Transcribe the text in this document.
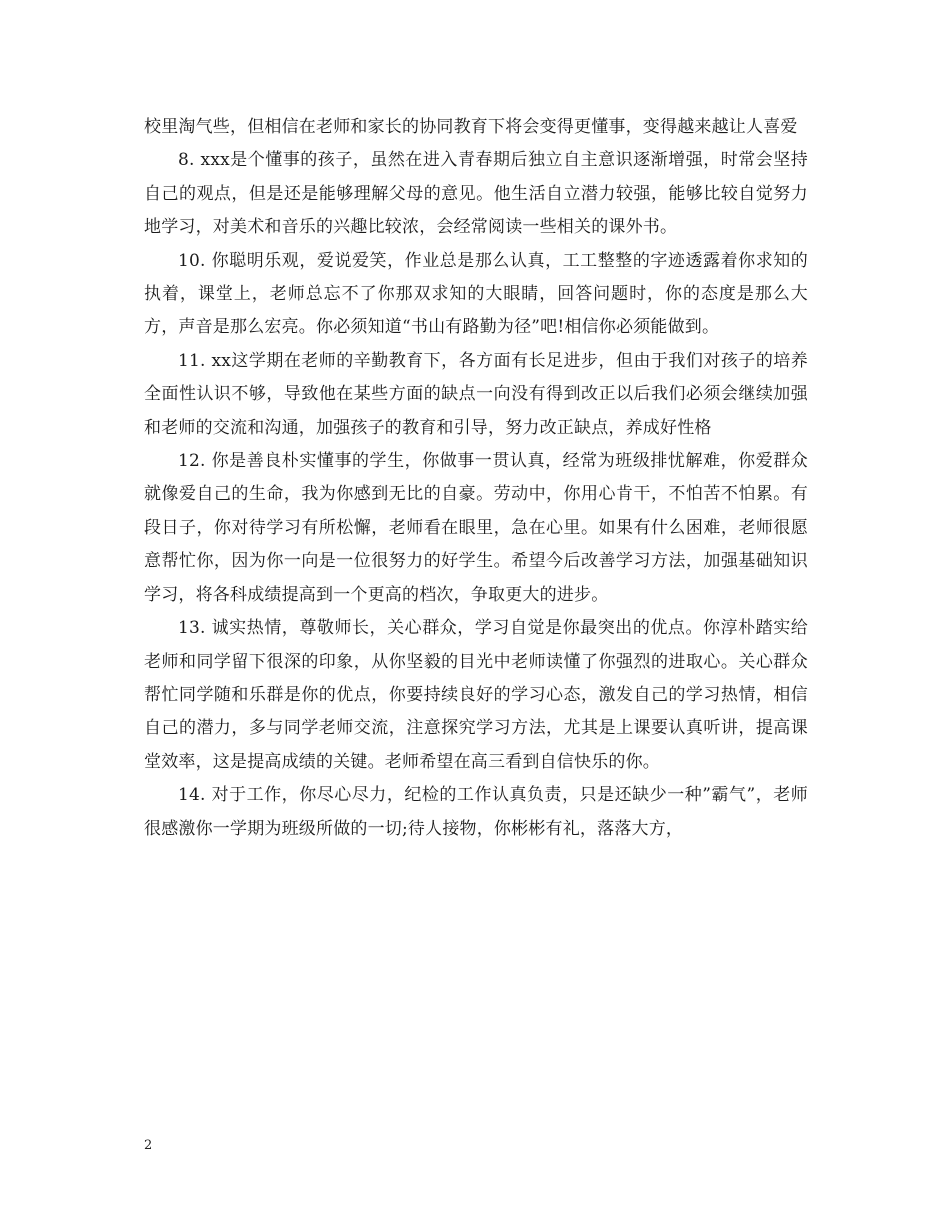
校里淘气些，但相信在老师和家长的协同教育下将会变得更懂事，变得越来越让人喜爱

8. xxx是个懂事的孩子，虽然在进入青春期后独立自主意识逐渐增强，时常会坚持自己的观点，但是还是能够理解父母的意见。他生活自立潜力较强，能够比较自觉努力地学习，对美术和音乐的兴趣比较浓，会经常阅读一些相关的课外书。

10. 你聪明乐观，爱说爱笑，作业总是那么认真，工工整整的字迹透露着你求知的执着，课堂上，老师总忘不了你那双求知的大眼睛，回答问题时，你的态度是那么大方，声音是那么宏亮。你必须知道“书山有路勤为径”吧!相信你必须能做到。

11. xx这学期在老师的辛勤教育下，各方面有长足进步，但由于我们对孩子的培养全面性认识不够，导致他在某些方面的缺点一向没有得到改正以后我们必须会继续加强和老师的交流和沟通，加强孩子的教育和引导，努力改正缺点，养成好性格

12. 你是善良朴实懂事的学生，你做事一贯认真，经常为班级排忧解难，你爱群众就像爱自己的生命，我为你感到无比的自豪。劳动中，你用心肯干，不怕苦不怕累。有段日子，你对待学习有所松懈，老师看在眼里，急在心里。如果有什么困难，老师很愿意帮忙你，因为你一向是一位很努力的好学生。希望今后改善学习方法，加强基础知识学习，将各科成绩提高到一个更高的档次，争取更大的进步。

13. 诚实热情，尊敬师长，关心群众，学习自觉是你最突出的优点。你淳朴踏实给老师和同学留下很深的印象，从你坚毅的目光中老师读懂了你强烈的进取心。关心群众帮忙同学随和乐群是你的优点，你要持续良好的学习心态，激发自己的学习热情，相信自己的潜力，多与同学老师交流，注意探究学习方法，尤其是上课要认真听讲，提高课堂效率，这是提高成绩的关键。老师希望在高三看到自信快乐的你。

14. 对于工作，你尽心尽力，纪检的工作认真负责，只是还缺少一种”霸气”，老师很感激你一学期为班级所做的一切;待人接物，你彬彬有礼，落落大方，

2
